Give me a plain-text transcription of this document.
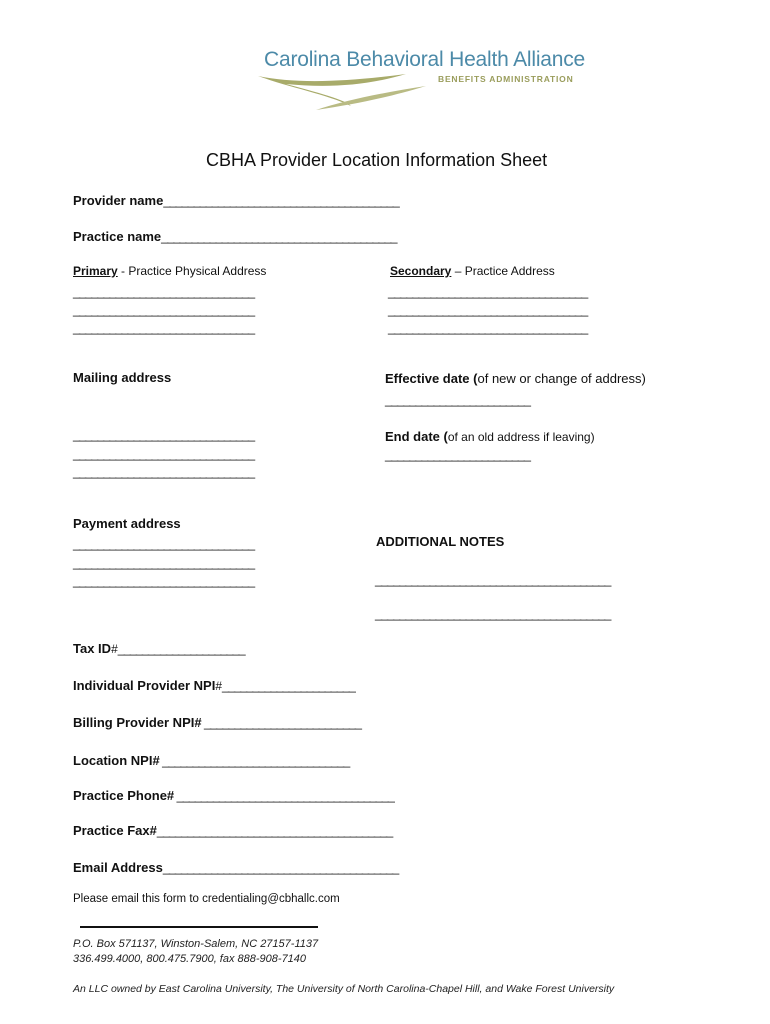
Carolina Behavioral Health Alliance
BENEFITS ADMINISTRATION
CBHA Provider Location Information Sheet
Provider name_______________________________________
Practice name_______________________________________
Primary - Practice Physical Address
______________________________
______________________________
______________________________
Secondary – Practice Address
_________________________________
_________________________________
_________________________________
Mailing address
______________________________
______________________________
______________________________
Effective date (of new or change of address)
________________________
End date (of an old address if leaving)
________________________
Payment address
______________________________
______________________________
______________________________
ADDITIONAL NOTES
_______________________________________
_______________________________________
Tax ID#_____________________
Individual Provider NPI#______________________
Billing Provider NPI# __________________________
Location NPI# _______________________________
Practice Phone# ____________________________________
Practice Fax#_______________________________________
Email Address_______________________________________
Please email this form to credentialing@cbhallc.com
P.O. Box 571137, Winston-Salem, NC 27157-1137
336.499.4000, 800.475.7900, fax 888-908-7140
An LLC owned by East Carolina University, The University of North Carolina-Chapel Hill, and Wake Forest University
